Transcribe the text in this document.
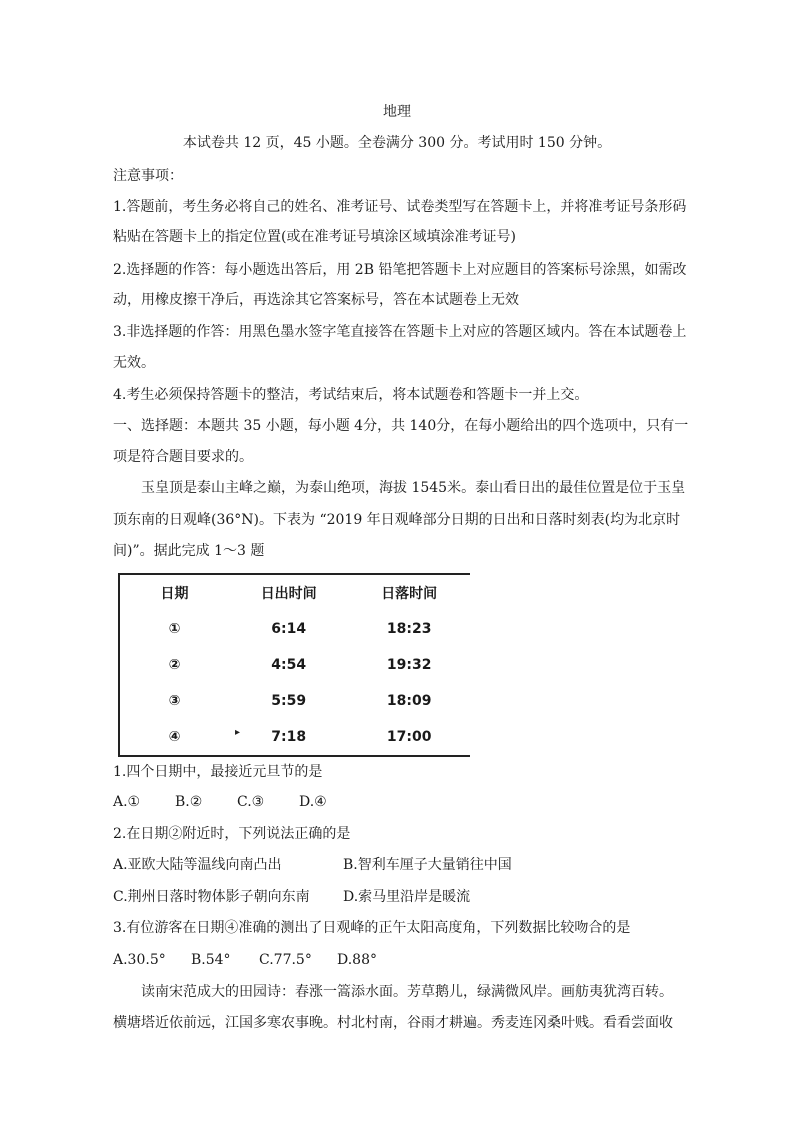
地理
本试卷共 12 页，45 小题。全卷满分 300 分。考试用时 150 分钟。
注意事项：
1.答题前，考生务必将自己的姓名、准考证号、试卷类型写在答题卡上，并将准考证号条形码
粘贴在答题卡上的指定位置(或在准考证号填涂区域填涂准考证号)
2.选择题的作答：每小题选出答后，用 2B 铅笔把答题卡上对应题目的答案标号涂黑，如需改
动，用橡皮擦干净后，再选涂其它答案标号，答在本试题卷上无效
3.非选择题的作答：用黑色墨水签字笔直接答在答题卡上对应的答题区域内。答在本试题卷上
无效。
4.考生必须保持答题卡的整洁，考试结束后，将本试题卷和答题卡一并上交。
一、选择题：本题共 35 小题，每小题 4分，共 140分，在每小题给出的四个选项中，只有一
项是符合题目要求的。
玉皇顶是泰山主峰之巅，为泰山绝项，海拔 1545米。泰山看日出的最佳位置是位于玉皇
顶东南的日观峰(36°N)。下表为 “2019 年日观峰部分日期的日出和日落时刻表(均为北京时
间)”。据此完成 1～3 题
日期	日出时间	日落时间
①	6:14	18:23
②	4:54	19:32
③	5:59	18:09
④	7:18	17:00
▸
1.四个日期中，最接近元旦节的是
A.① B.② C.③ D.④
2.在日期②附近时，下列说法正确的是
A.亚欧大陆等温线向南凸出	B.智利车厘子大量销往中国
C.荆州日落时物体影子朝向东南 D.索马里沿岸是暖流
3.有位游客在日期④准确的测出了日观峰的正午太阳高度角，下列数据比较吻合的是
A.30.5° B.54° C.77.5° D.88°
读南宋范成大的田园诗：春涨一篙添水面。芳草鹅儿，绿满微风岸。画舫夷犹湾百转。
横塘塔近依前远，江国多寒农事晚。村北村南，谷雨才耕遍。秀麦连冈桑叶贱。看看尝面收
